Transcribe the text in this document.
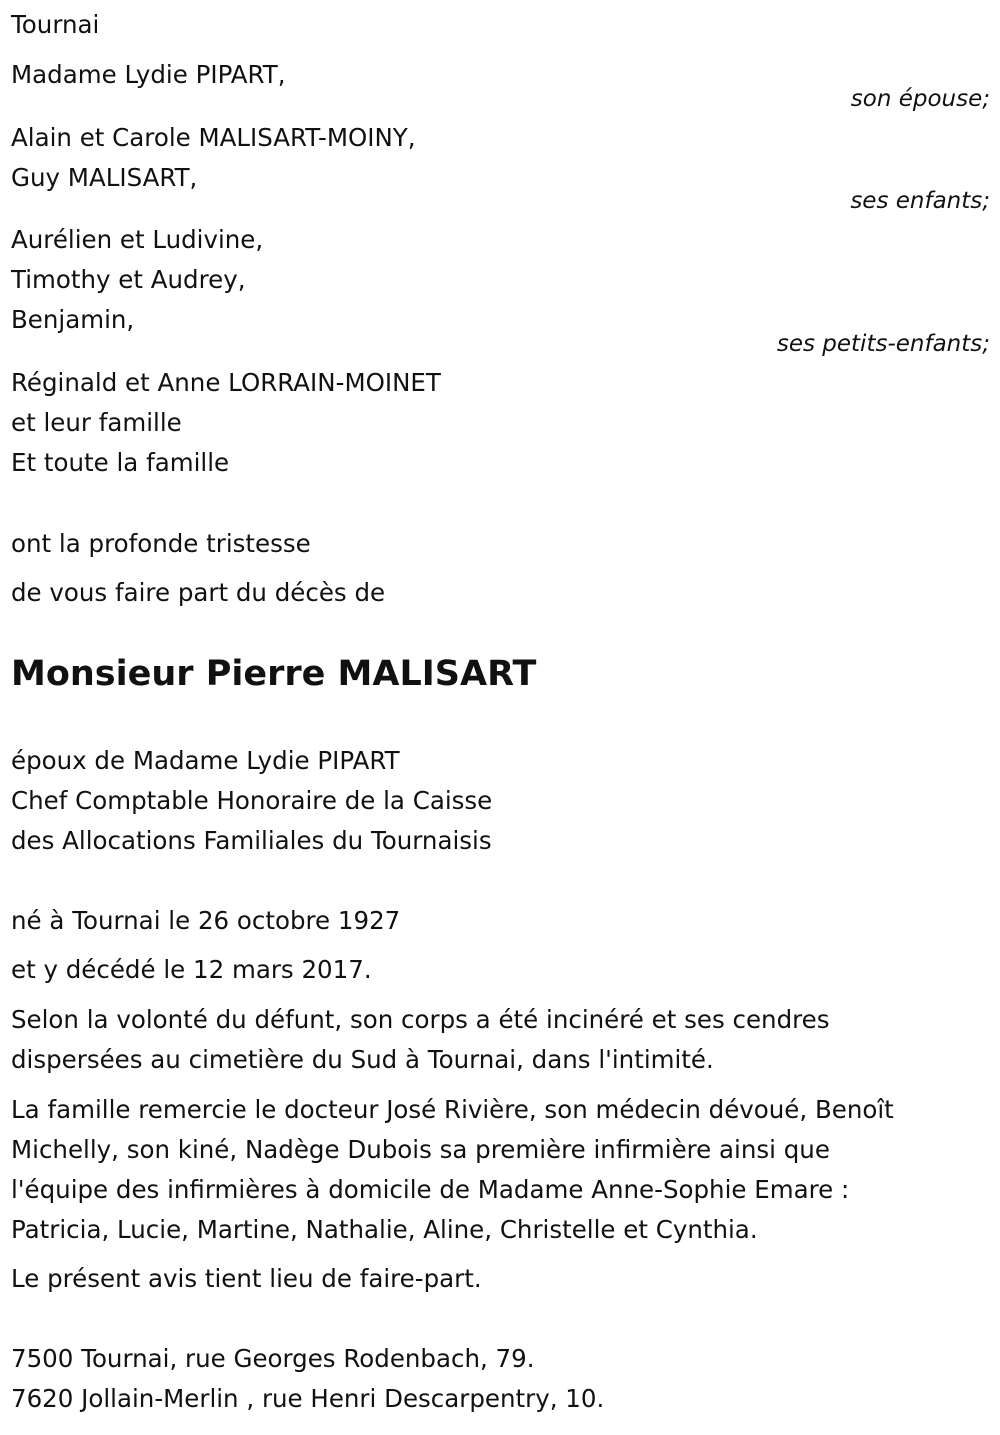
Tournai
Madame Lydie PIPART,
son épouse;
Alain et Carole MALISART-MOINY,
Guy MALISART,
ses enfants;
Aurélien et Ludivine,
Timothy et Audrey,
Benjamin,
ses petits-enfants;
Réginald et Anne LORRAIN-MOINET
et leur famille
Et toute la famille
ont la profonde tristesse
de vous faire part du décès de
Monsieur Pierre MALISART
époux de Madame Lydie PIPART
Chef Comptable Honoraire de la Caisse
des Allocations Familiales du Tournaisis
né à Tournai le 26 octobre 1927
et y décédé le 12 mars 2017.
Selon la volonté du défunt, son corps a été incinéré et ses cendres
dispersées au cimetière du Sud à Tournai, dans l'intimité.
La famille remercie le docteur José Rivière, son médecin dévoué, Benoît
Michelly, son kiné, Nadège Dubois sa première infirmière ainsi que
l'équipe des infirmières à domicile de Madame Anne-Sophie Emare :
Patricia, Lucie, Martine, Nathalie, Aline, Christelle et Cynthia.
Le présent avis tient lieu de faire-part.
7500 Tournai, rue Georges Rodenbach, 79.
7620 Jollain-Merlin , rue Henri Descarpentry, 10.
